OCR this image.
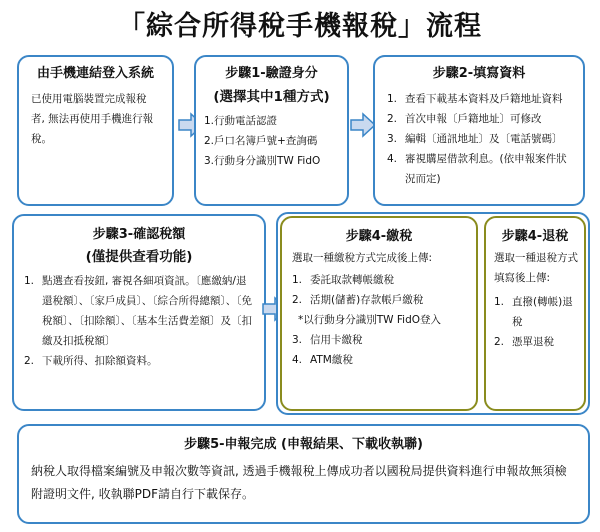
「綜合所得稅手機報稅」流程
由手機連結登入系統
已使用電腦裝置完成報稅者, 無法再使用手機進行報稅。
步驟1-驗證身分
(選擇其中1種方式)
1.行動電話認證
2.戶口名簿戶號+查詢碼
3.行動身分識別TW FidO
步驟2-填寫資料
1. 查看下載基本資料及戶籍地址資料
2. 首次申報〔戶籍地址〕可修改
3. 編輯〔通訊地址〕及〔電話號碼〕
4. 審視購屋借款利息。(依申報案件狀況而定)
步驟3-確認稅額
(僅提供查看功能)
1. 點選查看按鈕, 審視各細項資訊。〔應繳納/退還稅額〕、〔家戶成員〕、〔綜合所得總額〕、〔免稅額〕、〔扣除額〕、〔基本生活費差額〕及〔扣繳及扣抵稅額〕
2. 下載所得、扣除額資料。
步驟4-繳稅
選取一種繳稅方式完成後上傳:
1. 委託取款轉帳繳稅
2. 活期(儲蓄)存款帳戶繳稅
*以行動身分識別TW FidO登入
3. 信用卡繳稅
4. ATM繳稅
步驟4-退稅
選取一種退稅方式填寫後上傳:
1. 直撥(轉帳)退稅
2. 憑單退稅
步驟5-申報完成 (申報結果、下載收執聯)
納稅人取得檔案編號及申報次數等資訊, 透過手機報稅上傳成功者以國稅局提供資料進行申報故無須檢附證明文件, 收執聯PDF請自行下載保存。
